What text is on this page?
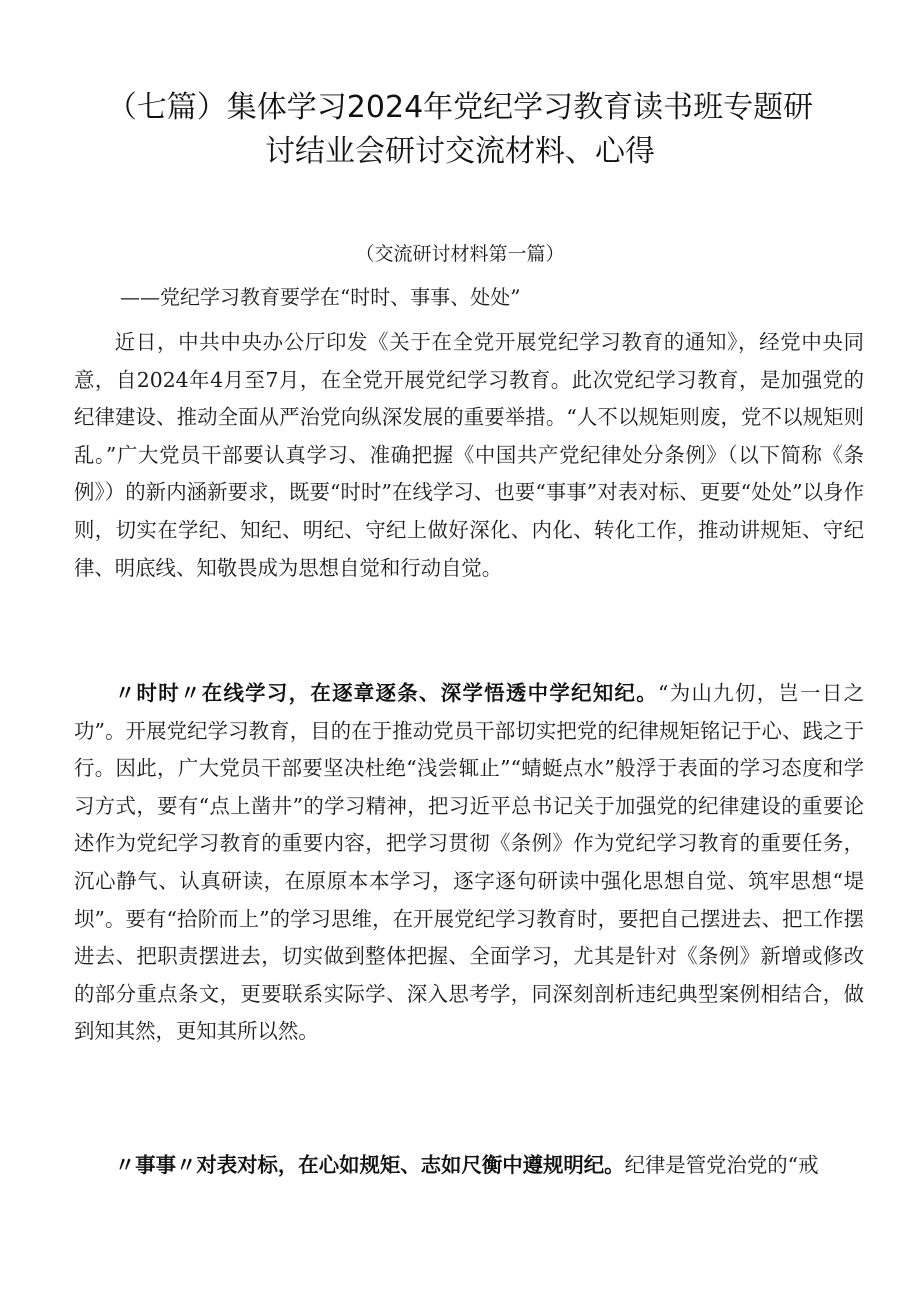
（七篇）集体学习2024年党纪学习教育读书班专题研
讨结业会研讨交流材料、心得
（交流研讨材料第一篇）
——党纪学习教育要学在“时时、事事、处处”

近日，中共中央办公厅印发《关于在全党开展党纪学习教育的通知》，经党中央同意，自2024年4月至7月，在全党开展党纪学习教育。此次党纪学习教育，是加强党的纪律建设、推动全面从严治党向纵深发展的重要举措。“人不以规矩则废，党不以规矩则乱。”广大党员干部要认真学习、准确把握《中国共产党纪律处分条例》（以下简称《条例》）的新内涵新要求，既要“时时”在线学习、也要“事事”对表对标、更要“处处”以身作则，切实在学纪、知纪、明纪、守纪上做好深化、内化、转化工作，推动讲规矩、守纪律、明底线、知敬畏成为思想自觉和行动自觉。

〃时时〃在线学习，在逐章逐条、深学悟透中学纪知纪。“为山九仞，岂一日之功”。开展党纪学习教育，目的在于推动党员干部切实把党的纪律规矩铭记于心、践之于行。因此，广大党员干部要坚决杜绝“浅尝辄止”“蜻蜓点水”般浮于表面的学习态度和学习方式，要有“点上凿井”的学习精神，把习近平总书记关于加强党的纪律建设的重要论述作为党纪学习教育的重要内容，把学习贯彻《条例》作为党纪学习教育的重要任务，沉心静气、认真研读，在原原本本学习，逐字逐句研读中强化思想自觉、筑牢思想“堤坝”。要有“拾阶而上”的学习思维，在开展党纪学习教育时，要把自己摆进去、把工作摆进去、把职责摆进去，切实做到整体把握、全面学习，尤其是针对《条例》新增或修改的部分重点条文，更要联系实际学、深入思考学，同深刻剖析违纪典型案例相结合，做到知其然，更知其所以然。

〃事事〃对表对标，在心如规矩、志如尺衡中遵规明纪。纪律是管党治党的“戒
